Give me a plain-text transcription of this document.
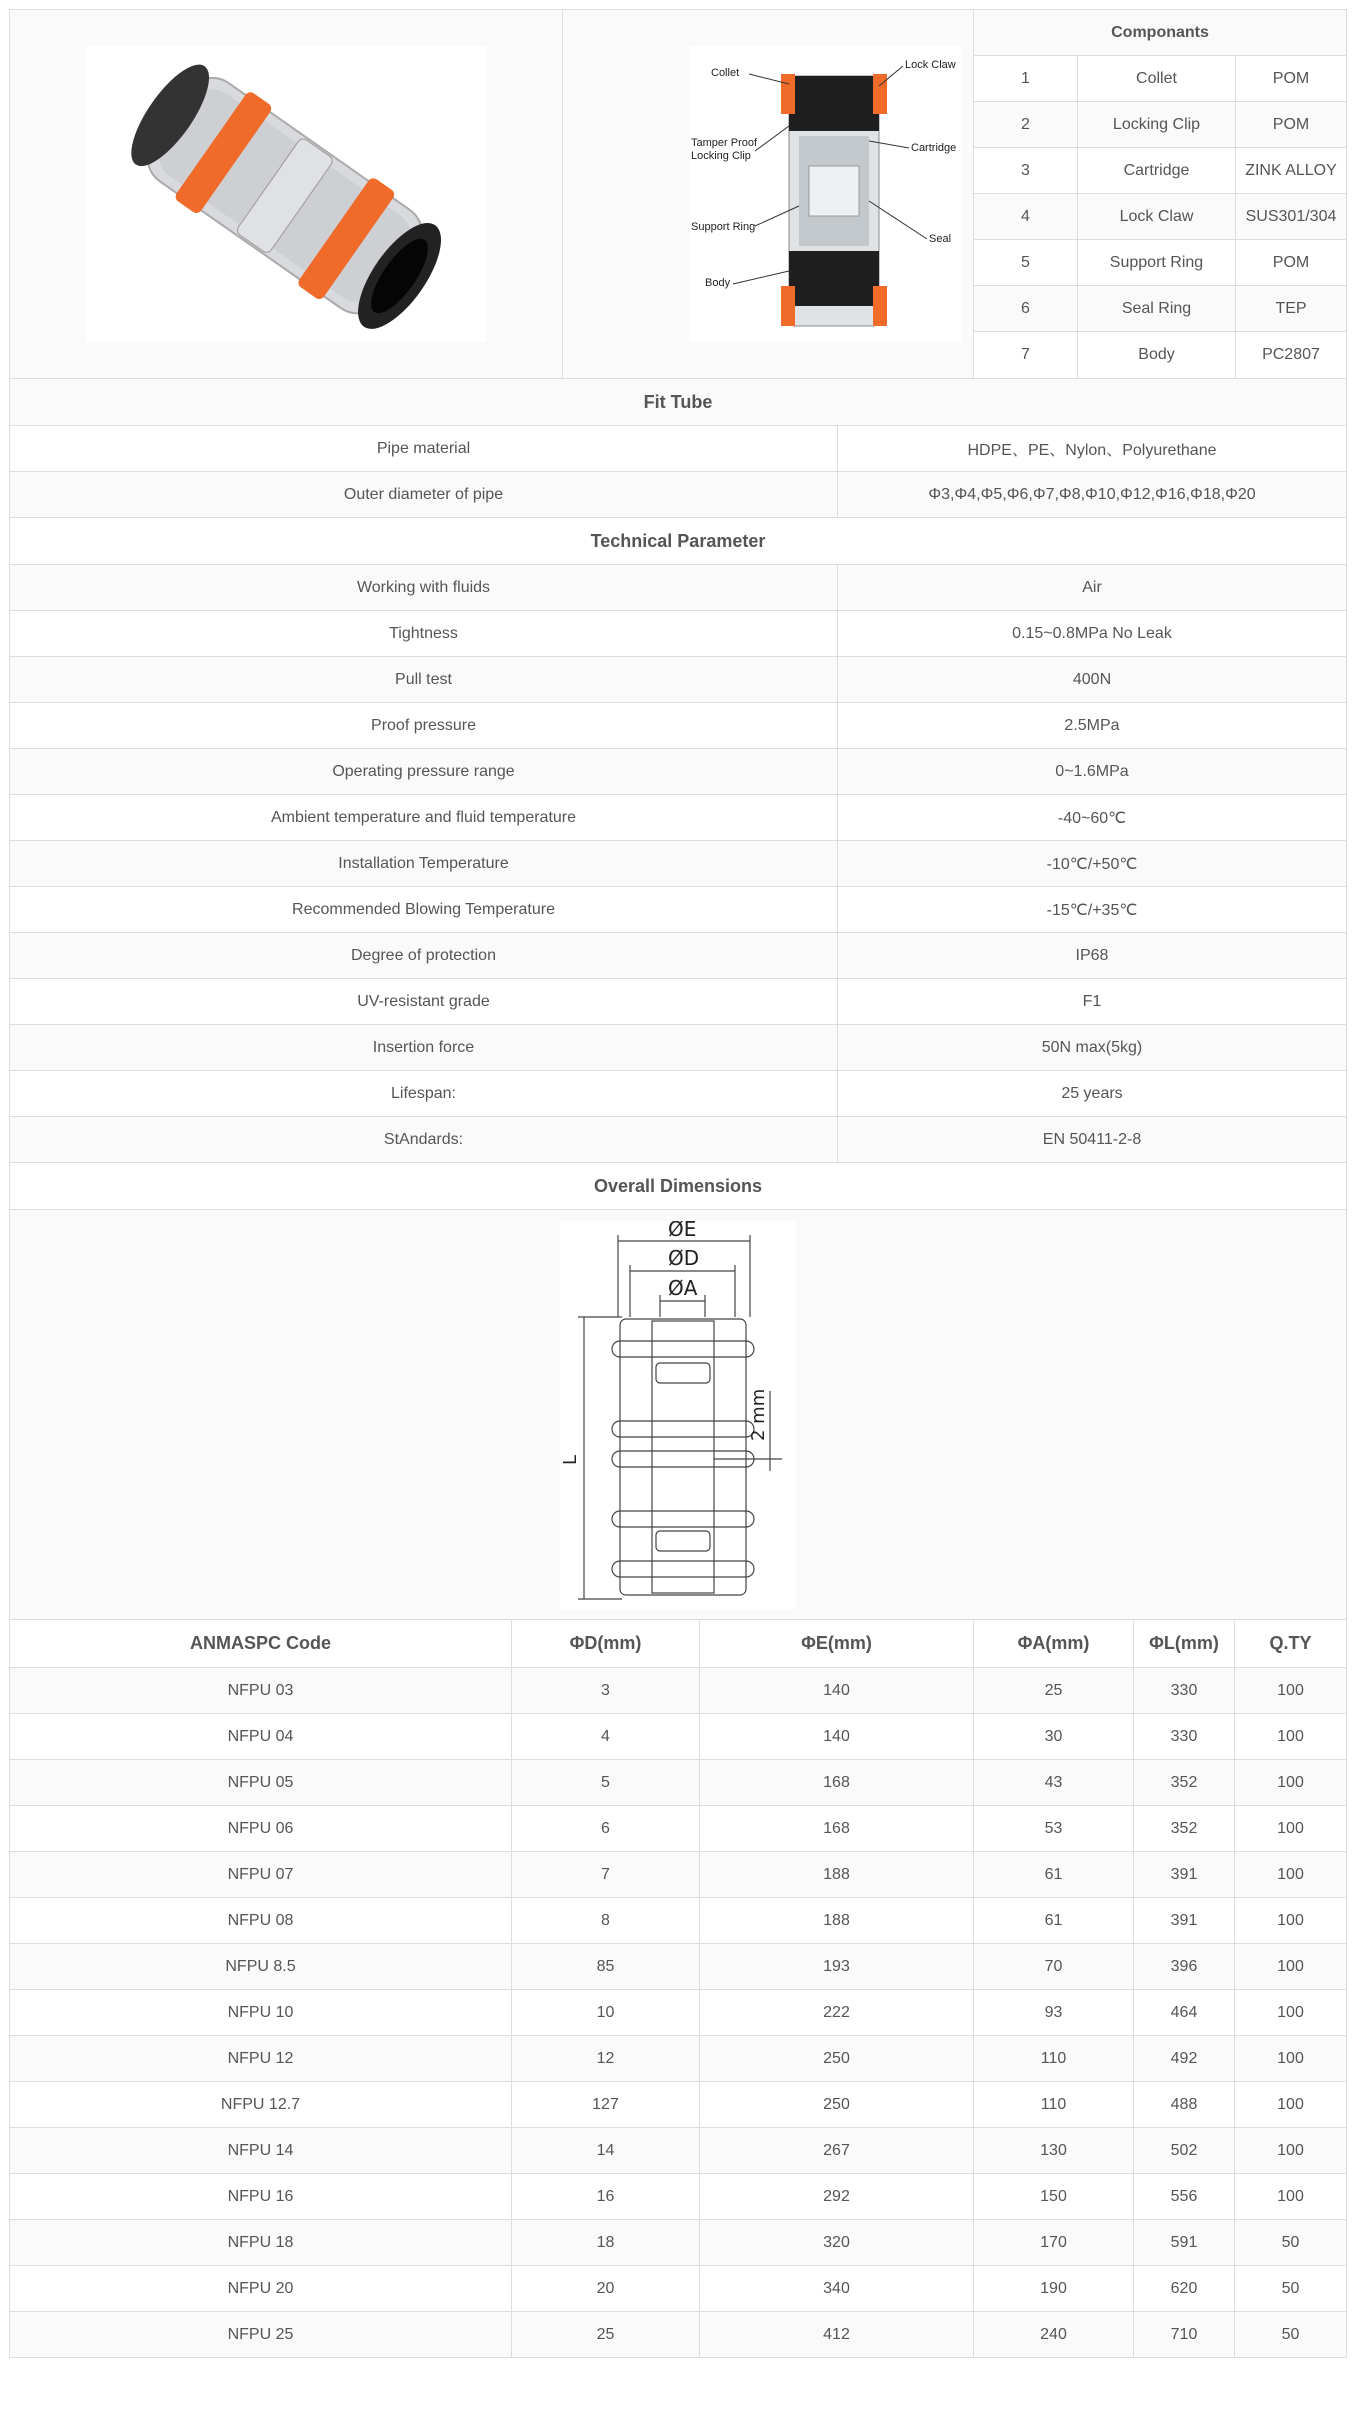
Collet
Lock Claw
Tamper Proof
Locking Clip
Cartridge
Support Ring
Seal
Body
Componants
1	Collet	POM
2	Locking Clip	POM
3	Cartridge	ZINK ALLOY
4	Lock Claw	SUS301/304
5	Support Ring	POM
6	Seal Ring	TEP
7	Body	PC2807
Fit Tube
Pipe material	HDPE、PE、Nylon、Polyurethane
Outer diameter of pipe	Φ3,Φ4,Φ5,Φ6,Φ7,Φ8,Φ10,Φ12,Φ16,Φ18,Φ20
Technical Parameter
Working with fluids	Air
Tightness	0.15~0.8MPa No Leak
Pull test	400N
Proof pressure	2.5MPa
Operating pressure range	0~1.6MPa
Ambient temperature and fluid temperature	-40~60℃
Installation Temperature	-10℃/+50℃
Recommended Blowing Temperature	-15℃/+35℃
Degree of protection	IP68
UV-resistant grade	F1
Insertion force	50N max(5kg)
Lifespan:	25 years
StAndards:	EN 50411-2-8
Overall Dimensions
ØE
ØD
ØA
L
2 mm
ANMASPC Code	ΦD(mm)	ΦE(mm)	ΦA(mm)	ΦL(mm)	Q.TY
NFPU 03	3	140	25	330	100
NFPU 04	4	140	30	330	100
NFPU 05	5	168	43	352	100
NFPU 06	6	168	53	352	100
NFPU 07	7	188	61	391	100
NFPU 08	8	188	61	391	100
NFPU 8.5	85	193	70	396	100
NFPU 10	10	222	93	464	100
NFPU 12	12	250	110	492	100
NFPU 12.7	127	250	110	488	100
NFPU 14	14	267	130	502	100
NFPU 16	16	292	150	556	100
NFPU 18	18	320	170	591	50
NFPU 20	20	340	190	620	50
NFPU 25	25	412	240	710	50
